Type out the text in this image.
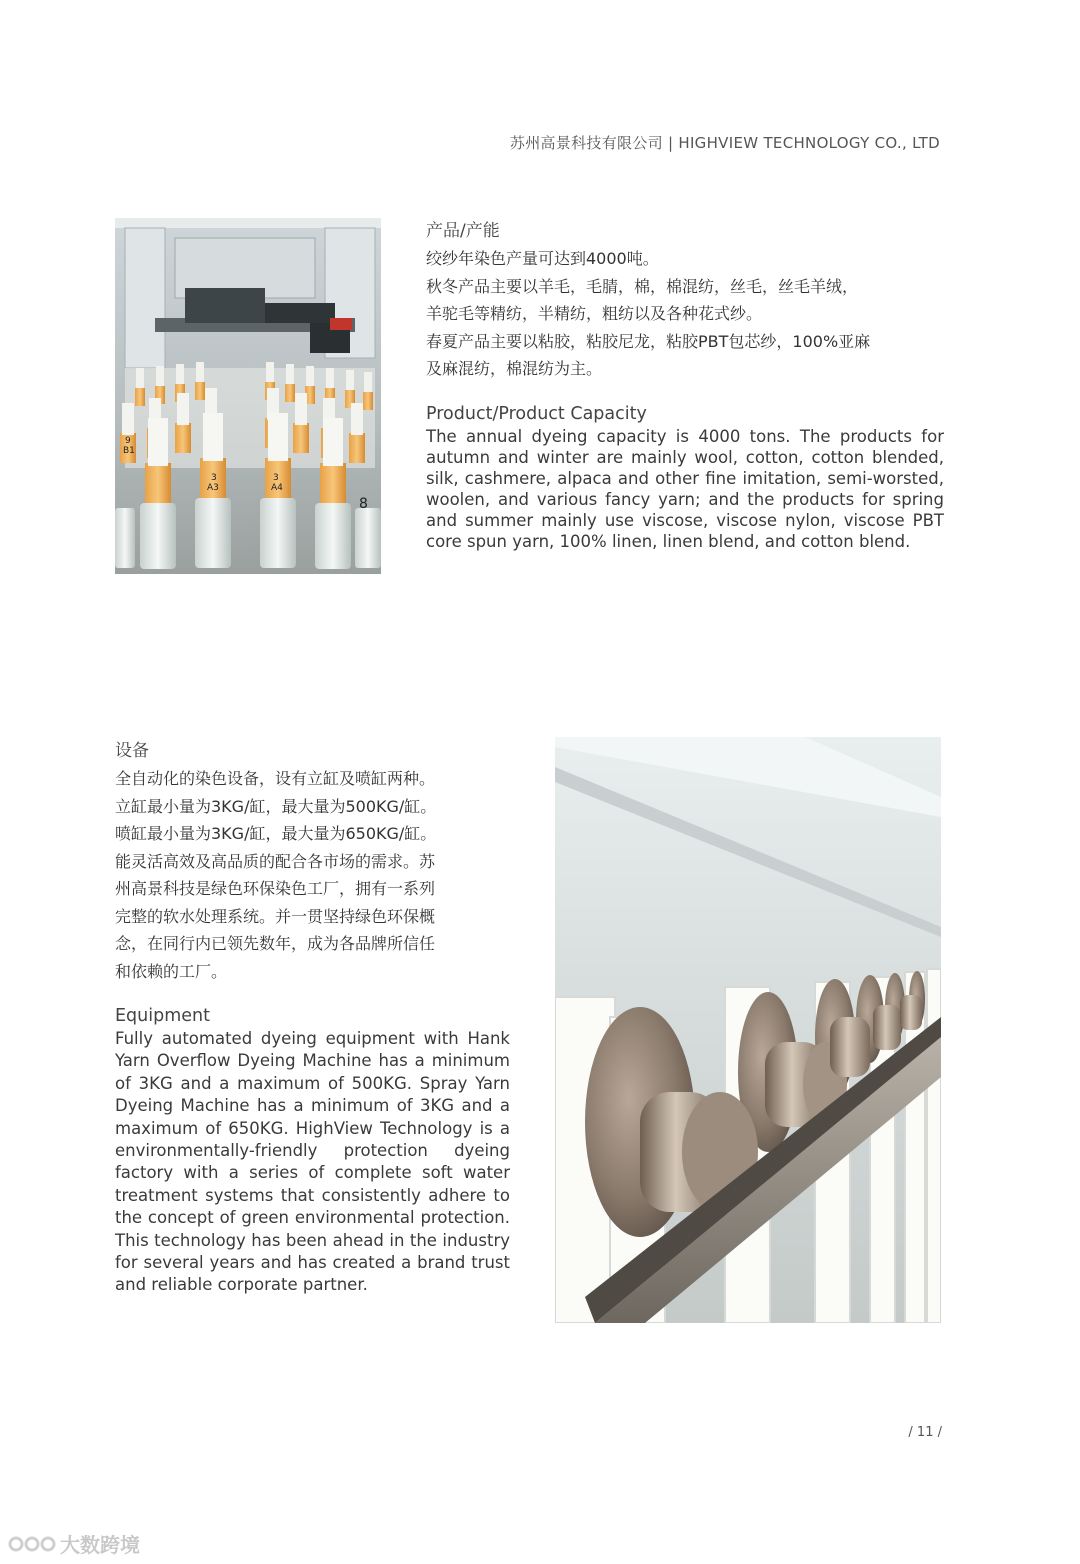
苏州高景科技有限公司 | HIGHVIEW TECHNOLOGY CO., LTD
3
A3
3
A4
B1
9
8

产品/产能

绞纱年染色产量可达到4000吨。

秋冬产品主要以羊毛，毛腈，棉，棉混纺，丝毛，丝毛羊绒，

羊驼毛等精纺，半精纺，粗纺以及各种花式纱。

春夏产品主要以粘胶，粘胶尼龙，粘胶PBT包芯纱，100%亚麻

及麻混纺，棉混纺为主。

Product/Product Capacity

The annual dyeing capacity is 4000 tons. The products for autumn and winter are mainly wool, cotton, cotton blended, silk, cashmere, alpaca and other fine imitation, semi-worsted, woolen, and various fancy yarn; and the products for spring and summer mainly use viscose, viscose nylon, viscose PBT core spun yarn, 100% linen, linen blend, and cotton blend.

设备

全自动化的染色设备，设有立缸及喷缸两种。

立缸最小量为3KG/缸，最大量为500KG/缸。

喷缸最小量为3KG/缸，最大量为650KG/缸。

能灵活高效及高品质的配合各市场的需求。苏

州高景科技是绿色环保染色工厂，拥有一系列

完整的软水处理系统。并一贯坚持绿色环保概

念，在同行内已领先数年，成为各品牌所信任

和依赖的工厂。

Equipment

Fully automated dyeing equipment with Hank Yarn Overflow Dyeing Machine has a minimum of 3KG and a maximum of 500KG. Spray Yarn Dyeing Machine has a minimum of 3KG and a maximum of 650KG. HighView Technology is a environmentally-friendly protection dyeing factory with a series of complete soft water treatment systems that consistently adhere to the concept of green environmental protection. This technology has been ahead in the industry for several years and has created a brand trust and reliable corporate partner.

/ 11 /
大数跨境
